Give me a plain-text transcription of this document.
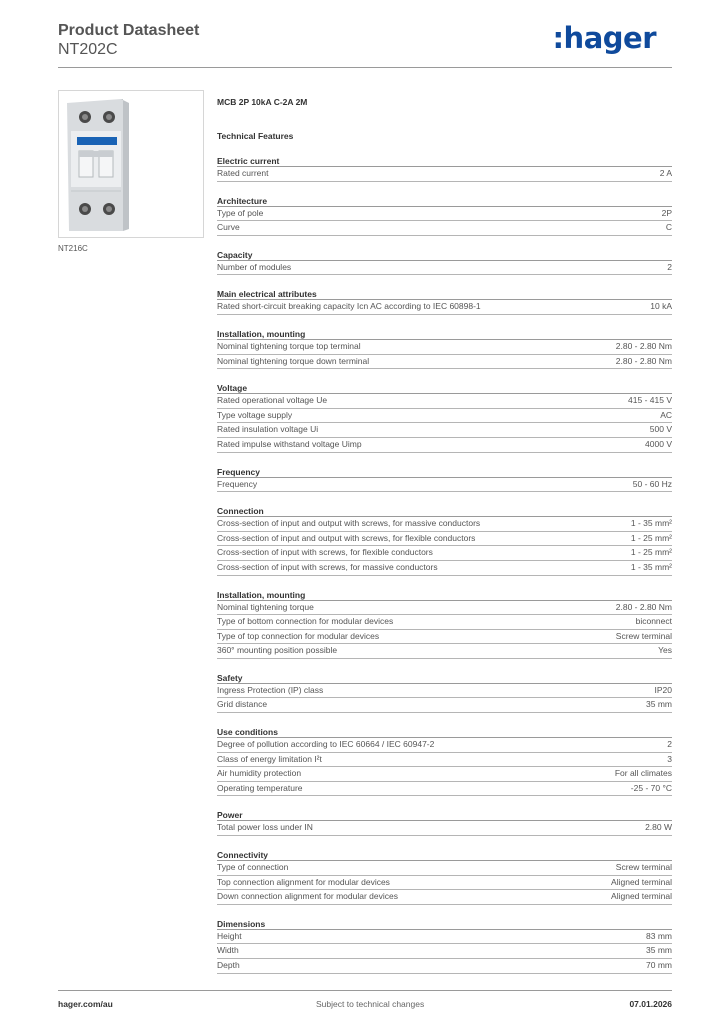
Product Datasheet
NT202C	:hager
NT216C
MCB 2P 10kA C-2A 2M
Technical Features
Electric current
Rated current	2 A
Architecture
Type of pole	2P
Curve	C
Capacity
Number of modules	2
Main electrical attributes
Rated short-circuit breaking capacity Icn AC according to IEC 60898-1	10 kA
Installation, mounting
Nominal tightening torque top terminal	2.80 - 2.80 Nm
Nominal tightening torque down terminal	2.80 - 2.80 Nm
Voltage
Rated operational voltage Ue	415 - 415 V
Type voltage supply	AC
Rated insulation voltage Ui	500 V
Rated impulse withstand voltage Uimp	4000 V
Frequency
Frequency	50 - 60 Hz
Connection
Cross-section of input and output with screws, for massive conductors	1 - 35 mm²
Cross-section of input and output with screws, for flexible conductors	1 - 25 mm²
Cross-section of input with screws, for flexible conductors	1 - 25 mm²
Cross-section of input with screws, for massive conductors	1 - 35 mm²
Installation, mounting
Nominal tightening torque	2.80 - 2.80 Nm
Type of bottom connection for modular devices	biconnect
Type of top connection for modular devices	Screw terminal
360° mounting position possible	Yes
Safety
Ingress Protection (IP) class	IP20
Grid distance	35 mm
Use conditions
Degree of pollution according to IEC 60664 / IEC 60947-2	2
Class of energy limitation I²t	3
Air humidity protection	For all climates
Operating temperature	-25 - 70 °C
Power
Total power loss under IN	2.80 W
Connectivity
Type of connection	Screw terminal
Top connection alignment for modular devices	Aligned terminal
Down connection alignment for modular devices	Aligned terminal
Dimensions
Height	83 mm
Width	35 mm
Depth	70 mm
hager.com/au	Subject to technical changes	07.01.2026
